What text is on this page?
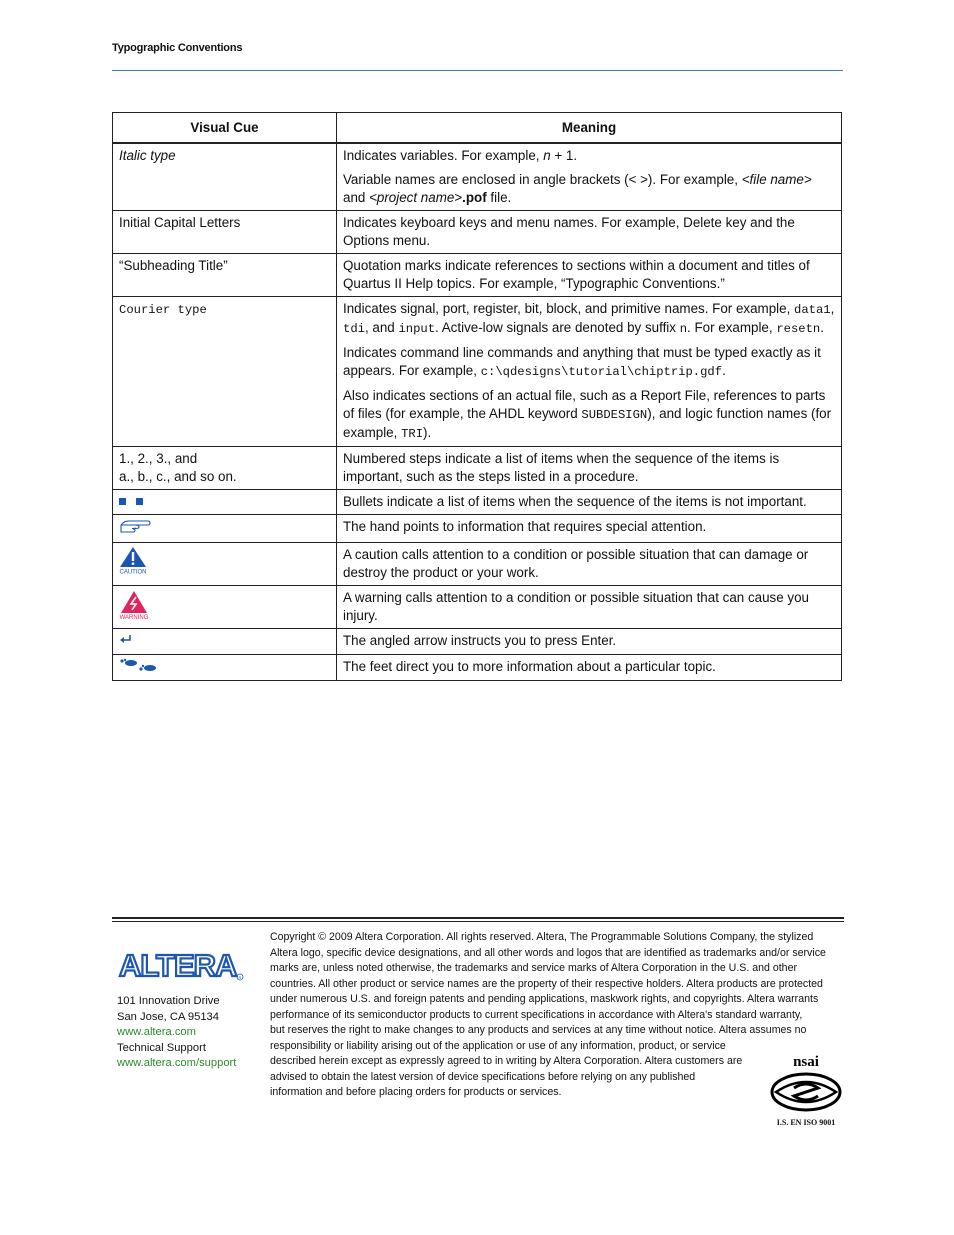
Typographic Conventions
Visual Cue	Meaning
Italic type	Indicates variables. For example, n + 1.

Variable names are enclosed in angle brackets (< >). For example, <file name> and <project name>.pof file.

Initial Capital Letters	Indicates keyboard keys and menu names. For example, Delete key and the Options menu.
“Subheading Title”	Quotation marks indicate references to sections within a document and titles of Quartus II Help topics. For example, “Typographic Conventions.”
Courier type	Indicates signal, port, register, bit, block, and primitive names. For example, data1, tdi, and input. Active-low signals are denoted by suffix n. For example, resetn.

Indicates command line commands and anything that must be typed exactly as it appears. For example, c:\qdesigns\tutorial\chiptrip.gdf.

Also indicates sections of an actual file, such as a Report File, references to parts of files (for example, the AHDL keyword SUBDESIGN), and logic function names (for example, TRI).

1., 2., 3., and
a., b., c., and so on.	Numbered steps indicate a list of items when the sequence of the items is important, such as the steps listed in a procedure.
	Bullets indicate a list of items when the sequence of the items is not important.
	The hand points to information that requires special attention.

CAUTION	A caution calls attention to a condition or possible situation that can damage or destroy the product or your work.

WARNING	A warning calls attention to a condition or possible situation that can cause you injury.
	The angled arrow instructs you to press Enter.
	The feet direct you to more information about a particular topic.
ALTERA R
101 Innovation Drive
San Jose, CA 95134
www.altera.com
Technical Support
www.altera.com/support
Copyright © 2009 Altera Corporation. All rights reserved. Altera, The Programmable Solutions Company, the stylized
Altera logo, specific device designations, and all other words and logos that are identified as trademarks and/or service
marks are, unless noted otherwise, the trademarks and service marks of Altera Corporation in the U.S. and other
countries. All other product or service names are the property of their respective holders. Altera products are protected
under numerous U.S. and foreign patents and pending applications, maskwork rights, and copyrights. Altera warrants
performance of its semiconductor products to current specifications in accordance with Altera's standard warranty,
but reserves the right to make changes to any products and services at any time without notice. Altera assumes no
responsibility or liability arising out of the application or use of any information, product, or service
described herein except as expressly agreed to in writing by Altera Corporation. Altera customers are
advised to obtain the latest version of device specifications before relying on any published
information and before placing orders for products or services.
nsai
I.S. EN ISO 9001
